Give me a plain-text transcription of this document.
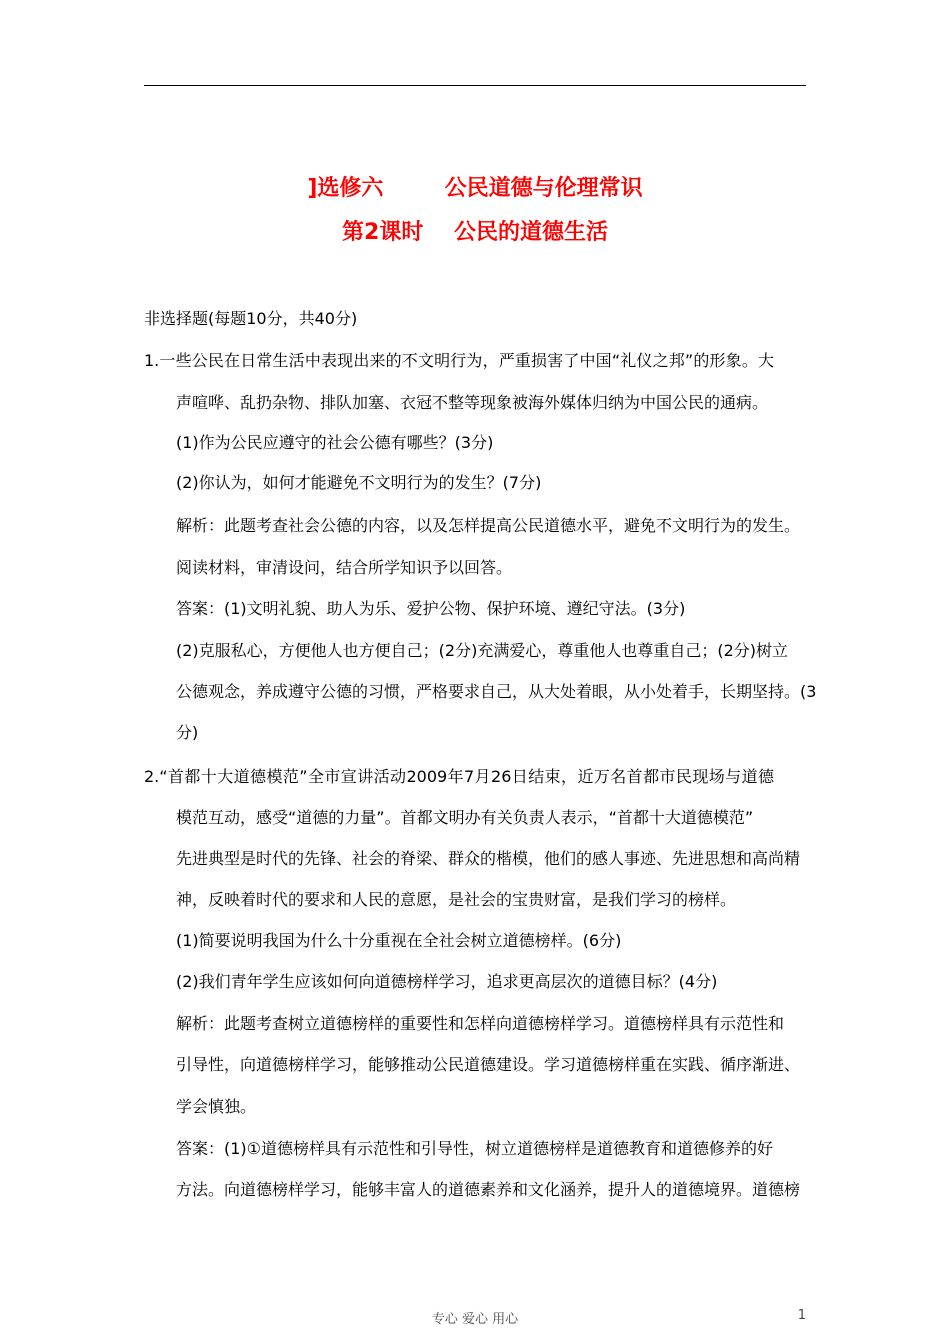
]选修六        公民道德与伦理常识
第2课时    公民的道德生活
非选择题(每题10分，共40分)
1.一些公民在日常生活中表现出来的不文明行为，严重损害了中国“礼仪之邦”的形象。大
声喧哗、乱扔杂物、排队加塞、衣冠不整等现象被海外媒体归纳为中国公民的通病。
(1)作为公民应遵守的社会公德有哪些？(3分)
(2)你认为，如何才能避免不文明行为的发生？(7分)
解析：此题考查社会公德的内容，以及怎样提高公民道德水平，避免不文明行为的发生。
阅读材料，审清设问，结合所学知识予以回答。
答案：(1)文明礼貌、助人为乐、爱护公物、保护环境、遵纪守法。(3分)
(2)克服私心，方便他人也方便自己；(2分)充满爱心，尊重他人也尊重自己；(2分)树立
公德观念，养成遵守公德的习惯，严格要求自己，从大处着眼，从小处着手，长期坚持。(3
分)
2.“首都十大道德模范”全市宣讲活动2009年7月26日结束，近万名首都市民现场与道德
模范互动，感受“道德的力量”。首都文明办有关负责人表示，“首都十大道德模范”
先进典型是时代的先锋、社会的脊梁、群众的楷模，他们的感人事迹、先进思想和高尚精
神，反映着时代的要求和人民的意愿，是社会的宝贵财富，是我们学习的榜样。
(1)简要说明我国为什么十分重视在全社会树立道德榜样。(6分)
(2)我们青年学生应该如何向道德榜样学习，追求更高层次的道德目标？(4分)
解析：此题考查树立道德榜样的重要性和怎样向道德榜样学习。道德榜样具有示范性和
引导性，向道德榜样学习，能够推动公民道德建设。学习道德榜样重在实践、循序渐进、
学会慎独。
答案：(1)①道德榜样具有示范性和引导性，树立道德榜样是道德教育和道德修养的好
方法。向道德榜样学习，能够丰富人的道德素养和文化涵养，提升人的道德境界。道德榜
专心 爱心 用心	1
